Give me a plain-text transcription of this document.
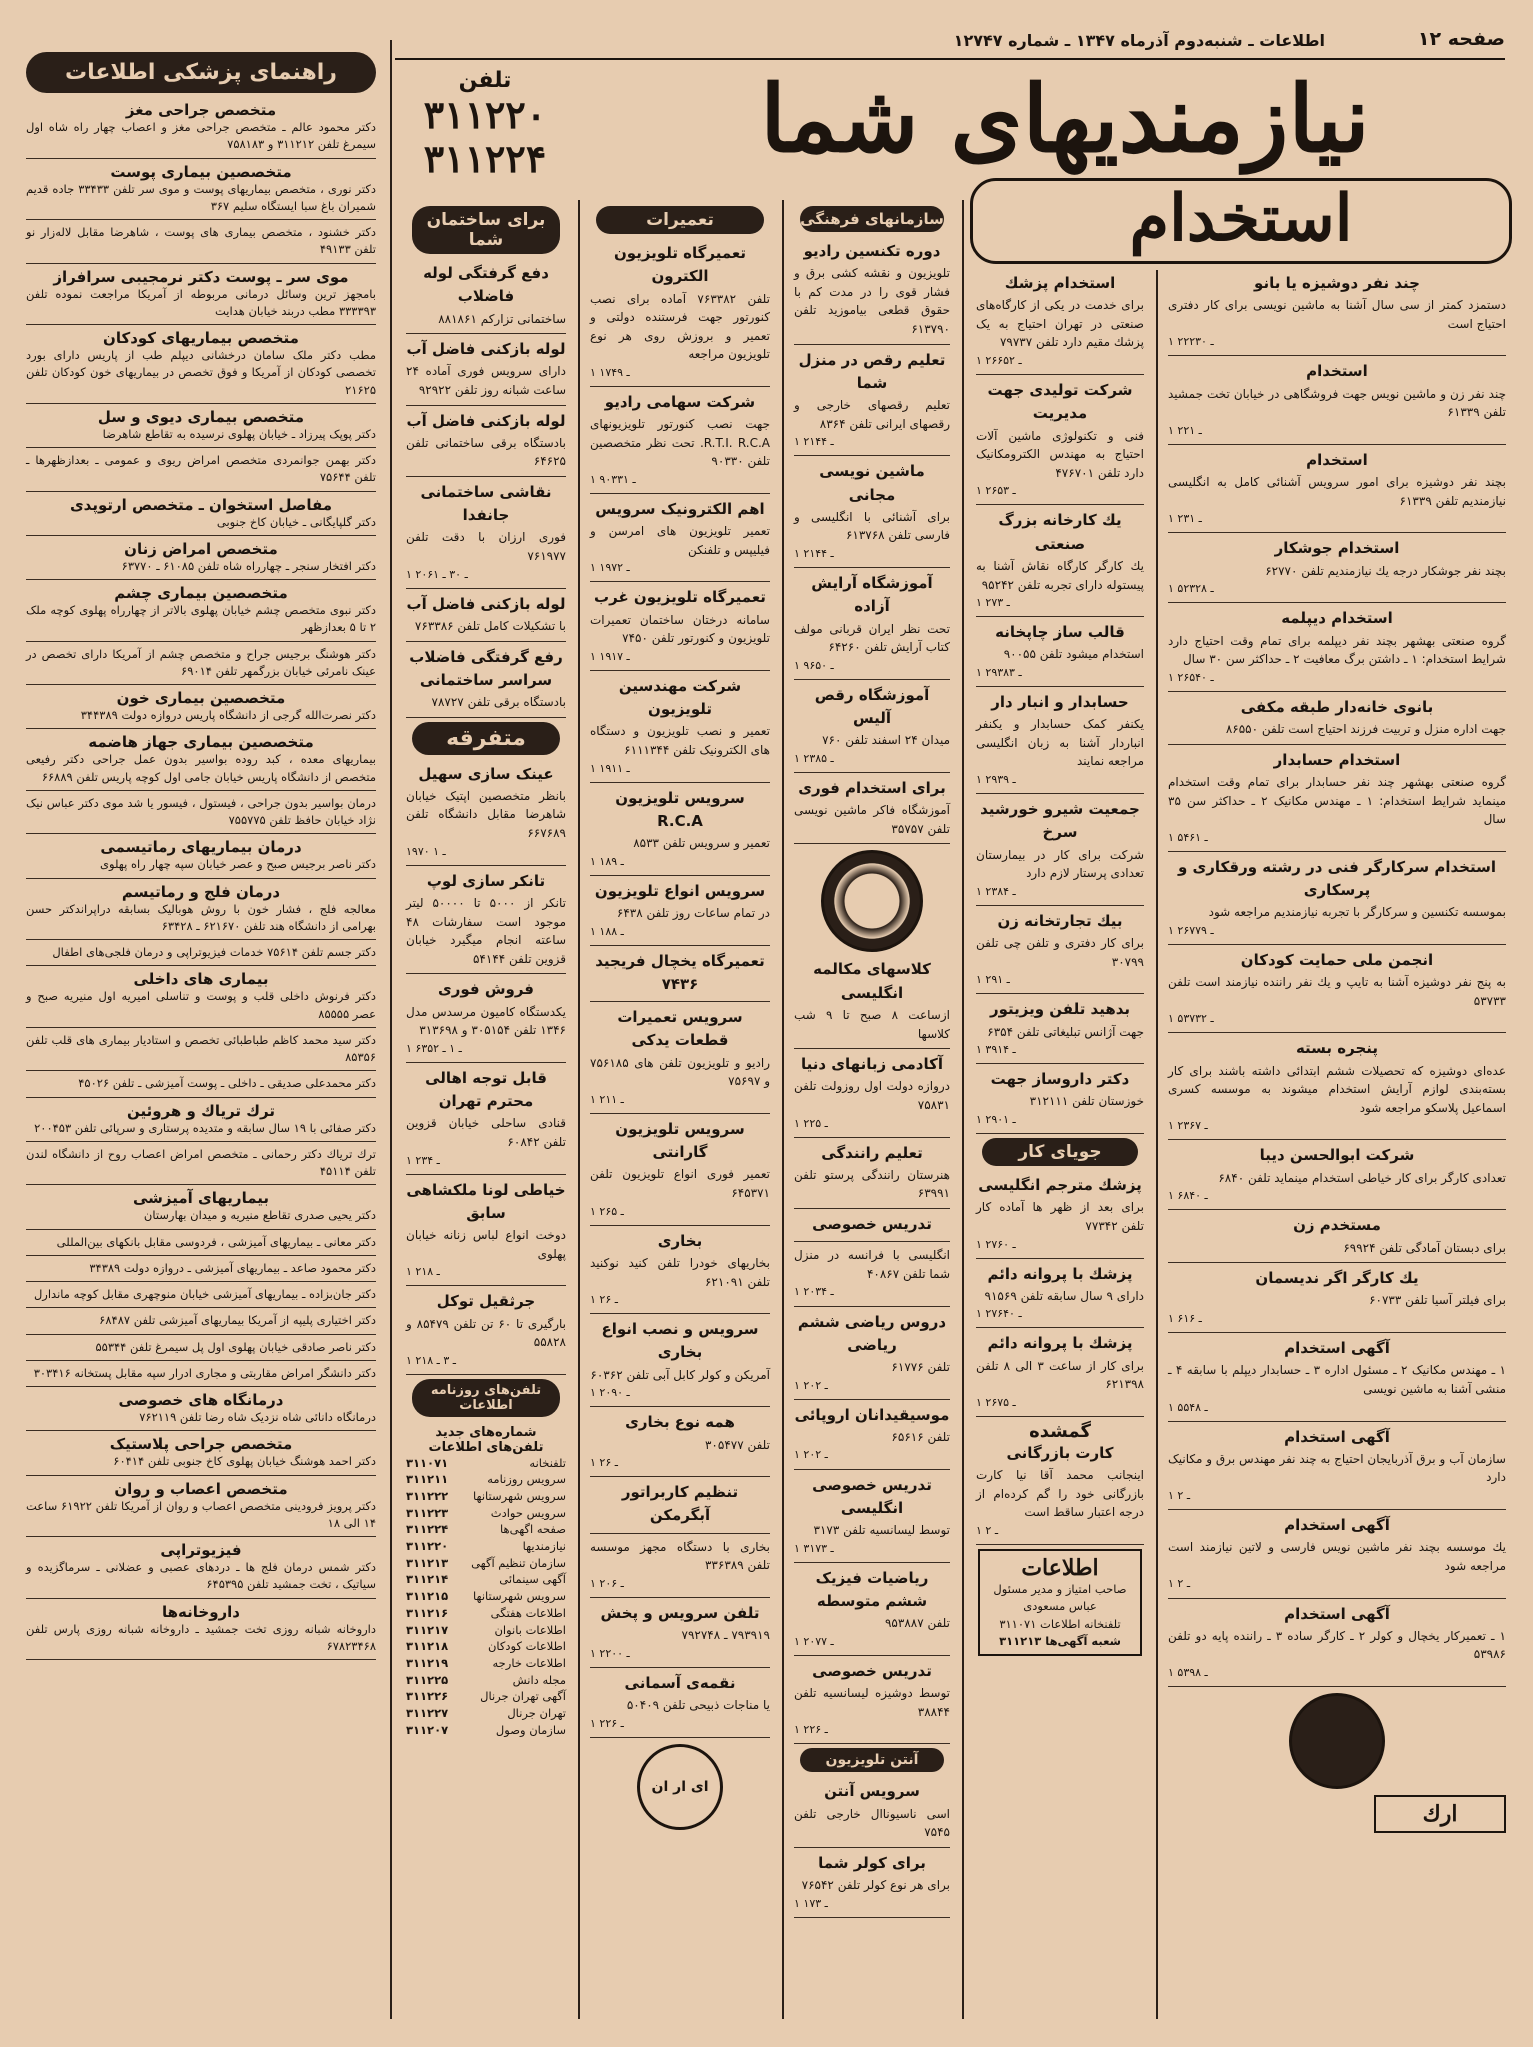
صفحه ۱۲
اطلاعات ـ شنبه‌دوم آذرماه ۱۳۴۷ ـ شماره ۱۲۷۴۷
نیازمندیهای شما
تلفن
۳۱۱۲۲۰
۳۱۱۲۲۴
راهنمای پزشکی اطلاعات
متخصص جراحی مغز
دکتر محمود عالم ـ متخصص جراحی مغز و اعصاب چهار راه شاه اول سیمرغ تلفن ۳۱۱۲۱۲ و ۷۵۸۱۸۳
متخصصین بیماری پوست
دکتر نوری ، متخصص بیماریهای پوست و موی سر تلفن ۳۳۴۳۳ جاده قدیم شمیران باغ سبا ایستگاه سلیم ۳۶۷
دکتر خشنود ، متخصص بیماری های پوست ، شاهرضا مقابل لاله‌زار نو تلفن ۴۹۱۳۳
موی سر ـ پوست دکتر نرمجیبی سرافراز
بامجهز ترین وسائل درمانی مربوطه از آمریکا مراجعت نموده تلفن ۳۳۳۳۹۳ مطب دربند خیابان هدایت
متخصص بیماریهای کودکان
مطب دکتر ملک سامان درخشانی دیپلم طب از پاریس دارای بورد تخصصی کودکان از آمریکا و فوق تخصص در بیماریهای خون کودکان تلفن ۲۱۶۲۵
متخصص بیماری دیوی و سل
دکتر پوپک پیرزاد ـ خیابان پهلوی نرسیده به تقاطع شاهرضا
دکتر بهمن جوانمردی متخصص امراض ریوی و عمومی ـ بعدازظهرها ـ تلفن ۷۵۶۴۴
مفاصل استخوان ـ متخصص ارتوپدی
دکتر گلپایگانی ـ خیابان کاخ جنوبی
متخصص امراض زنان
دکتر افتخار سنجر ـ چهارراه شاه تلفن ۶۱۰۸۵ ـ ۶۳۷۷۰
متخصصین بیماری چشم
دکتر نبوی متخصص چشم خیابان پهلوی بالاتر از چهارراه پهلوی کوچه ملک ۲ تا ۵ بعدازظهر
دکتر هوشنگ برجیس جراح و متخصص چشم از آمریکا دارای تخصص در عینک نامرئی خیابان بزرگمهر تلفن ۶۹۰۱۴
متخصصین بیماری خون
دکتر نصرت‌الله گرجی از دانشگاه پاریس دروازه دولت ۳۴۴۳۸۹
متخصصین بیماری جهاز هاضمه
بیماریهای معده ، کبد روده بواسیر بدون عمل جراحی دکتر رفیعی متخصص از دانشگاه پاریس خیابان جامی اول کوچه پاریس تلفن ۶۶۸۸۹
درمان بواسیر بدون جراحی ، فیستول ، فیسور یا شد موی دکتر عباس نیک نژاد خیابان حافظ تلفن ۷۵۵۷۷۵
درمان بیماریهای رماتیسمی
دکتر ناصر برجیس صبح و عصر خیابان سپه چهار راه پهلوی
درمان فلج و رماتیسم
معالجه فلج ، فشار خون با روش هوبالیک بسابقه دراپراندکتر حسن بهرامی از دانشگاه هند تلفن ۶۲۱۶۷۰ ـ ۶۳۴۲۸
دکتر جسم تلفن ۷۵۶۱۴ خدمات فیزیوتراپی و درمان فلجی‌های اطفال
بیماری های داخلی
دکتر فرنوش داخلی قلب و پوست و تناسلی امیریه اول منیریه صبح و عصر ۸۵۵۵۵
دکتر سید محمد کاظم طباطبائی تخصص و استادیار بیماری های قلب تلفن ۸۵۳۵۶
دکتر محمدعلی صدیقی ـ داخلی ـ پوست آمیزشی ـ تلفن ۴۵۰۲۶
ترك تریاك و هروئین
دکتر صفائی با ۱۹ سال سابقه و متدیده پرستاری و سرپائی تلفن ۲۰۰۴۵۳
ترك تریاك دکتر رحمانی ـ متخصص امراض اعصاب روح از دانشگاه لندن تلفن ۴۵۱۱۴
بیماریهای آمیزشی
دکتر یحیی صدری تقاطع منیریه و میدان بهارستان
دکتر معانی ـ بیماریهای آمیزشی ، فردوسی مقابل بانکهای بین‌المللی
دکتر محمود صاعد ـ بیماریهای آمیزشی ـ دروازه دولت ۳۴۳۸۹
دکتر جان‌بزاده ـ بیماریهای آمیزشی خیابان منوچهری مقابل کوچه ماندارل
دکتر اختیاری پلیپه از آمریکا بیماریهای آمیزشی تلفن ۶۸۴۸۷
دکتر ناصر صادقی خیابان پهلوی اول پل سیمرغ تلفن ۵۵۳۴۴
دکتر دانشگر امراض مقاربتی و مجاری ادرار سپه مقابل پستخانه ۳۰۳۴۱۶
درمانگاه های خصوصی
درمانگاه دانائی شاه نزدیک شاه رضا تلفن ۷۶۲۱۱۹
متخصص جراحی پلاستیک
دکتر احمد هوشنگ خیابان پهلوی کاخ جنوبی تلفن ۶۰۴۱۴
متخصص اعصاب و روان
دکتر پرویز فرودینی متخصص اعصاب و روان از آمریکا تلفن ۶۱۹۲۲ ساعت ۱۴ الی ۱۸
فیزیوتراپی
دکتر شمس درمان فلج ها ـ دردهای عصبی و عضلانی ـ سرماگزیده و سیاتیک ، تخت جمشید تلفن ۶۴۵۳۹۵
داروخانه‌ها
داروخانه شبانه روزی تخت جمشید ـ داروخانه شبانه روزی پارس تلفن ۶۷۸۲۳۴۶۸
برای ساختمان شما
دفع گرفتگی لوله فاضلاب
ساختمانی تزارکم ۸۸۱۸۶۱
لوله بازکنی فاضل آب
دارای سرویس فوری آماده ۲۴ ساعت شبانه روز تلفن ۹۲۹۲۲
لوله بازکنی فاضل آب
بادستگاه برقی ساختمانی تلفن ۶۴۶۲۵
نقاشی ساختمانی جانفدا
فوری ارزان با دقت تلفن ۷۶۱۹۷۷
۱ ـ ۳۰ ـ ۲۰۶۱
لوله بازکنی فاضل آب
با تشکیلات کامل تلفن ۷۶۳۳۸۶
رفع گرفتگی فاضلاب سراسر ساختمانی
بادستگاه برقی تلفن ۷۸۷۲۷
متفرقه
عینک سازی سهیل
بانظر متخصصین اپتیک خیابان شاهرضا مقابل دانشگاه تلفن ۶۶۷۶۸۹
۱۹۷۰ ـ ۱
تانکر سازی لوپ
تانکر از ۵۰۰۰ تا ۵۰۰۰۰ لیتر موجود است سفارشات ۴۸ ساعته انجام میگیرد خیابان قزوین تلفن ۵۴۱۴۴
فروش فوری
یکدستگاه کامیون مرسدس مدل ۱۳۴۶ تلفن ۳۰۵۱۵۴ و ۳۱۳۶۹۸
۱ ـ ۱ ـ ۶۳۵۲
قابل توجه اهالی محترم تهران
قنادی ساحلی خیابان قزوین تلفن ۶۰۸۴۲
۱ ـ ۲۳۴
خیاطی لونا ملکشاهی سابق
دوخت انواع لباس زنانه خیابان پهلوی
۱ ـ ۲۱۸
جرثقیل توکل
بارگیری تا ۶۰ تن تلفن ۸۵۴۷۹ و ۵۵۸۲۸
۱ ـ ۳ ـ ۲۱۸
تلفن‌های روزنامه اطلاعات
شماره‌های جدید تلفن‌های اطلاعات
تلفنخانه
۳۱۱۰۷۱
سرویس روزنامه
۳۱۱۲۱۱
سرویس شهرستانها
۳۱۱۲۲۲
سرویس حوادث
۳۱۱۲۲۳
صفحه اگهی‌ها
۳۱۱۲۲۴
نیازمندیها
۳۱۱۲۲۰
سازمان تنظیم آگهی
۳۱۱۲۱۳
آگهی سینمائی
۳۱۱۲۱۴
سرویس شهرستانها
۳۱۱۲۱۵
اطلاعات هفتگی
۳۱۱۲۱۶
اطلاعات بانوان
۳۱۱۲۱۷
اطلاعات کودکان
۳۱۱۲۱۸
اطلاعات خارجه
۳۱۱۲۱۹
مجله دانش
۳۱۱۲۲۵
آگهی تهران جرنال
۳۱۱۲۲۶
تهران جرنال
۳۱۱۲۲۷
سازمان وصول
۳۱۱۲۰۷
تعمیرات
تعمیرگاه تلویزیون الکترون
تلفن ۷۶۳۳۸۲ آماده برای نصب کنورتور جهت فرستنده دولتی و تعمیر و بروزش روی هر نوع تلویزیون مراجعه
۱ ـ ۱۷۴۹
شرکت سهامی رادیو
جهت نصب کنورتور تلویزیونهای R.T.I. R.C.A. تحت نظر متخصصین تلفن ۹۰۳۳۰
۱ ـ ۹۰۳۳۱
اهم الکترونیک سرویس
تعمیر تلویزیون های امرسن و فیلیپس و تلفنکن
۱ ـ ۱۹۷۲
تعمیرگاه تلویزیون غرب
سامانه درختان ساختمان تعمیرات تلویزیون و کنورتور تلفن ۷۴۵۰
۱ ـ ۱۹۱۷
شرکت مهندسین تلویزیون
تعمیر و نصب تلویزیون و دستگاه های الکترونیک تلفن ۶۱۱۱۳۴۴
۱ ـ ۱۹۱۱
سرویس تلویزیون R.C.A
تعمیر و سرویس تلفن ۸۵۳۳
۱ ـ ۱۸۹
سرویس انواع تلویزیون
در تمام ساعات روز تلفن ۶۴۳۸
۱ ـ ۱۸۸
تعمیرگاه یخچال فریجید ۷۴۳۶
سرویس تعمیرات قطعات یدکی
رادیو و تلویزیون تلفن های ۷۵۶۱۸۵ و ۷۵۶۹۷
۱ ـ ۲۱۱
سرویس تلویزیون گارانتی
تعمیر فوری انواع تلویزیون تلفن ۶۴۵۳۷۱
۱ ـ ۲۶۵
بخاری
بخاریهای خودرا تلفن کنید نوکنید تلفن ۶۲۱۰۹۱
۱ ـ ۲۶
سرویس و نصب انواع بخاری
آمریکن و کولر کابل آبی تلفن ۶۰۳۶۲
۱ ـ ۲۰۹۰
همه نوع بخاری
تلفن ۳۰۵۴۷۷
۱ ـ ۲۶
تنظیم کاربراتور آبگرمکن
بخاری با دستگاه مجهز موسسه تلفن ۳۳۶۳۸۹
۱ ـ ۲۰۶
تلفن سرویس و پخش
۷۹۳۹۱۹ ـ ۷۹۲۷۴۸
۱ ـ ۲۲۰۰
نقمه‌ی آسمانی
یا مناجات ذبیحی تلفن ۵۰۴۰۹
۱ ـ ۲۲۶
ای ار ان
سازمانهای فرهنگی
دوره تکنسین رادیو
تلویزیون و نقشه کشی برق و فشار قوی را در مدت کم با حقوق قطعی بیاموزید تلفن ۶۱۳۷۹۰
تعلیم رقص در منزل شما
تعلیم رقصهای خارجی و رقصهای ایرانی تلفن ۸۳۶۴
۱ ـ ۲۱۴۴
ماشین نویسی مجانی
برای آشنائی با انگلیسی و فارسی تلفن ۶۱۳۷۶۸
۱ ـ ۲۱۴۴
آموزشگاه آرایش آزاده
تحت نظر ایران قربانی مولف کتاب آرایش تلفن ۶۴۲۶۰
۱ ـ ۹۶۵۰
آموزشگاه رقص آلیس
میدان ۲۴ اسفند تلفن ۷۶۰
۱ ـ ۲۳۸۵
برای استخدام فوری
آموزشگاه فاکر ماشین نویسی تلفن ۳۵۷۵۷
کلاسهای مکالمه انگلیسی
ازساعت ۸ صبح تا ۹ شب کلاسها
آکادمی زبانهای دنیا
دروازه دولت اول روزولت تلفن ۷۵۸۳۱
۱ ـ ۲۲۵
تعلیم رانندگی
هنرستان رانندگی پرستو تلفن ۶۳۹۹۱
تدریس خصوصی
انگلیسی با فرانسه در منزل شما تلفن ۴۰۸۶۷
۱ ـ ۲۰۳۴
دروس ریاضی ششم ریاضی
تلفن ۶۱۷۷۶
۱ ـ ۲۰۲
موسیقیدانان اروپائی
تلفن ۶۵۶۱۶
۱ ـ ۲۰۲
تدریس خصوصی انگلیسی
توسط لیسانسیه تلفن ۳۱۷۳
۱ ـ ۳۱۷۳
ریاضیات فیزیک ششم متوسطه
تلفن ۹۵۳۸۸۷
۱ ـ ۲۰۷۷
تدریس خصوصی
توسط دوشیزه لیسانسیه تلفن ۳۸۸۴۴
۱ ـ ۲۲۶
آنتن تلویزیون
سرویس آنتن
اسی ناسیوناال خارجی تلفن ۷۵۴۵
برای کولر شما
برای هر نوع کولر تلفن ۷۶۵۴۲
۱ ـ ۱۷۳
استخدام
استخدام پزشك
برای خدمت در یکی از کارگاه‌های صنعتی در تهران احتیاج به یک پزشك مقیم دارد تلفن ۷۹۷۳۷
۱ ـ ۲۶۶۵۲
شرکت تولیدی جهت مدیریت
فنی و تکنولوژی ماشین آلات احتیاج به مهندس الکترومکانیک دارد تلفن ۴۷۶۷۰۱
۱ ـ ۲۶۵۳
یك کارخانه بزرگ صنعتی
یك کارگر کارگاه نقاش آشنا به پیستوله دارای تجربه تلفن ۹۵۲۴۲
۱ ـ ۲۷۳
قالب ساز چاپخانه
استخدام میشود تلفن ۹۰۰۵۵
۱ ـ ۲۹۳۸۳
حسابدار و انبار دار
یکنفر کمک حسابدار و یکنفر انباردار آشنا به زبان انگلیسی مراجعه نمایند
۱ ـ ۲۹۳۹
جمعیت شیرو خورشید سرخ
شرکت برای کار در بیمارستان تعدادی پرستار لازم دارد
۱ ـ ۲۳۸۴
بیك تجارتخانه زن
برای کار دفتری و تلفن چی تلفن ۳۰۷۹۹
۱ ـ ۲۹۱
بدهید تلفن ویزیتور
جهت آژانس تبلیغاتی تلفن ۶۳۵۴
۱ ـ ۳۹۱۴
دکتر داروساز جهت
خوزستان تلفن ۳۱۲۱۱۱
۱ ـ ۲۹۰۱
جویای کار
پزشك مترجم انگلیسی
برای بعد از ظهر ها آماده کار تلفن ۷۷۳۴۲
۱ ـ ۲۷۶۰
پزشك با پروانه دائم
دارای ۹ سال سابقه تلفن ۹۱۵۶۹
۱ ـ ۲۷۶۴۰
پزشك با پروانه دائم
برای کار از ساعت ۳ الی ۸ تلفن ۶۲۱۳۹۸
۱ ـ ۲۶۷۵
گمشده
کارت بازرگانی
اینجانب محمد آقا نیا کارت بازرگانی خود را گم کرده‌ام از درجه اعتبار ساقط است
۱ ـ ۲
اطلاعات
صاحب امتیاز و مدیر مسئول عباس مسعودی
تلفنخانه اطلاعات ۳۱۱۰۷۱
شعبه آگهی‌ها ۳۱۱۲۱۳
چند نفر دوشیزه یا بانو
دستمزد کمتر از سی سال آشنا به ماشین نویسی برای کار دفتری احتیاج است
۱ ـ ۲۲۲۳۰
استخدام
چند نفر زن و ماشین نویس جهت فروشگاهی در خیابان تخت جمشید تلفن ۶۱۳۳۹
۱ ـ ۲۲۱
استخدام
بچند نفر دوشیزه برای امور سرویس آشنائی کامل به انگلیسی نیازمندیم تلفن ۶۱۳۳۹
۱ ـ ۲۳۱
استخدام جوشکار
بچند نفر جوشکار درجه یك نیازمندیم تلفن ۶۲۷۷۰
۱ ـ ۵۲۳۲۸
استخدام دیپلمه
گروه صنعتی بهشهر بچند نفر دیپلمه برای تمام وقت احتیاج دارد شرایط استخدام: ۱ ـ داشتن برگ معافیت ۲ ـ حداکثر سن ۳۰ سال
۱ ـ ۲۶۵۴۰
بانوی خانه‌دار طبقه مکفی
جهت اداره منزل و تربیت فرزند احتیاج است تلفن ۸۶۵۵۰
استخدام حسابدار
گروه صنعتی بهشهر چند نفر حسابدار برای تمام وقت استخدام مینماید شرایط استخدام: ۱ ـ مهندس مکانیک ۲ ـ حداکثر سن ۳۵ سال
۱ ـ ۵۴۶۱
استخدام سرکارگر فنی در رشته ورقکاری و پرسکاری
بموسسه تکنسین و سرکارگر با تجربه نیازمندیم مراجعه شود
۱ ـ ۲۶۷۷۹
انجمن ملی حمایت کودکان
به پنج نفر دوشیزه آشنا به تایپ و یك نفر راننده نیازمند است تلفن ۵۳۷۳۳
۱ ـ ۵۳۷۳۲
پنجره بسته
عده‌ای دوشیزه که تحصیلات ششم ابتدائی داشته باشند برای کار بسته‌بندی لوازم آرایش استخدام میشوند به موسسه کسری اسماعیل پلاسکو مراجعه شود
۱ ـ ۲۳۶۷
شرکت ابوالحسن دیبا
تعدادی کارگر برای کار خیاطی استخدام مینماید تلفن ۶۸۴۰
۱ ـ ۶۸۴۰
مستخدم زن
برای دبستان آمادگی تلفن ۶۹۹۲۴
یك کارگر اگر ندیسمان
برای فیلتر آسیا تلفن ۶۰۷۳۳
۱ ـ ۶۱۶
آگهی استخدام
۱ ـ مهندس مکانیک ۲ ـ مسئول اداره ۳ ـ حسابدار دیپلم با سابقه ۴ ـ منشی آشنا به ماشین نویسی
۱ ـ ۵۵۴۸
آگهی استخدام
سازمان آب و برق آذربایجان احتیاج به چند نفر مهندس برق و مکانیک دارد
۱ ـ ۲
آگهی استخدام
یك موسسه بچند نفر ماشین نویس فارسی و لاتین نیازمند است مراجعه شود
۱ ـ ۲
آگهی استخدام
۱ ـ تعمیرکار یخچال و کولر ۲ ـ کارگر ساده ۳ ـ راننده پایه دو تلفن ۵۳۹۸۶
۱ ـ ۵۳۹۸
ارك
